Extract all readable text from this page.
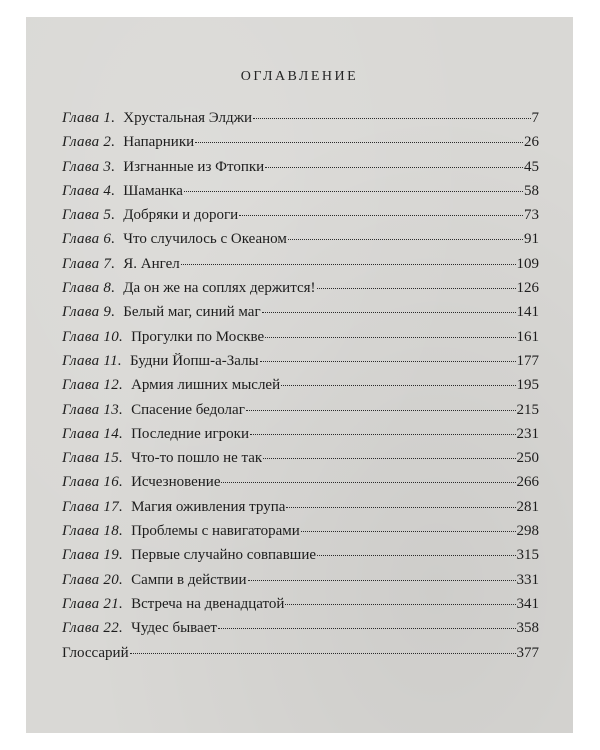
оглавление
Глава 1. Хрустальная Элджи	7
Глава 2. Напарники	26
Глава 3. Изгнанные из Фтопки	45
Глава 4. Шаманка	58
Глава 5. Добряки и дороги	73
Глава 6. Что случилось с Океаном	91
Глава 7. Я. Ангел	109
Глава 8. Да он же на соплях держится!	126
Глава 9. Белый маг, синий маг	141
Глава 10. Прогулки по Москве	161
Глава 11. Будни Йопш-а-Залы	177
Глава 12. Армия лишних мыслей	195
Глава 13. Спасение бедолаг	215
Глава 14. Последние игроки	231
Глава 15. Что-то пошло не так	250
Глава 16. Исчезновение	266
Глава 17. Магия оживления трупа	281
Глава 18. Проблемы с навигаторами	298
Глава 19. Первые случайно совпавшие	315
Глава 20. Сампи в действии	331
Глава 21. Встреча на двенадцатой	341
Глава 22. Чудес бывает	358
Глоссарий	377
